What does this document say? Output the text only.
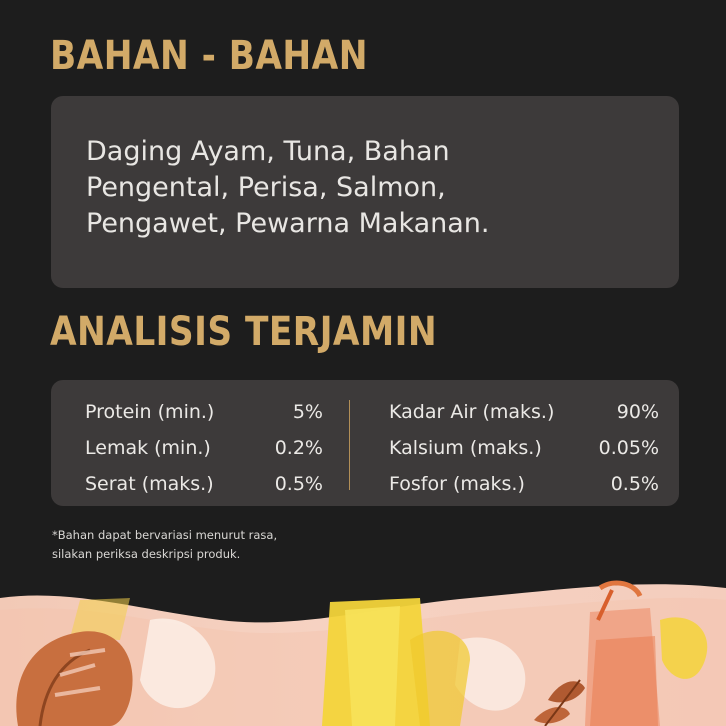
BAHAN - BAHAN

Daging Ayam, Tuna, Bahan Pengental, Perisa, Salmon, Pengawet, Pewarna Makanan.

ANALISIS TERJAMIN
Protein (min.)	5%
Lemak (min.)	0.2%
Serat (maks.)	0.5%
Kadar Air (maks.)	90%
Kalsium (maks.)	0.05%
Fosfor (maks.)	0.5%

*Bahan dapat bervariasi menurut rasa,
silakan periksa deskripsi produk.
